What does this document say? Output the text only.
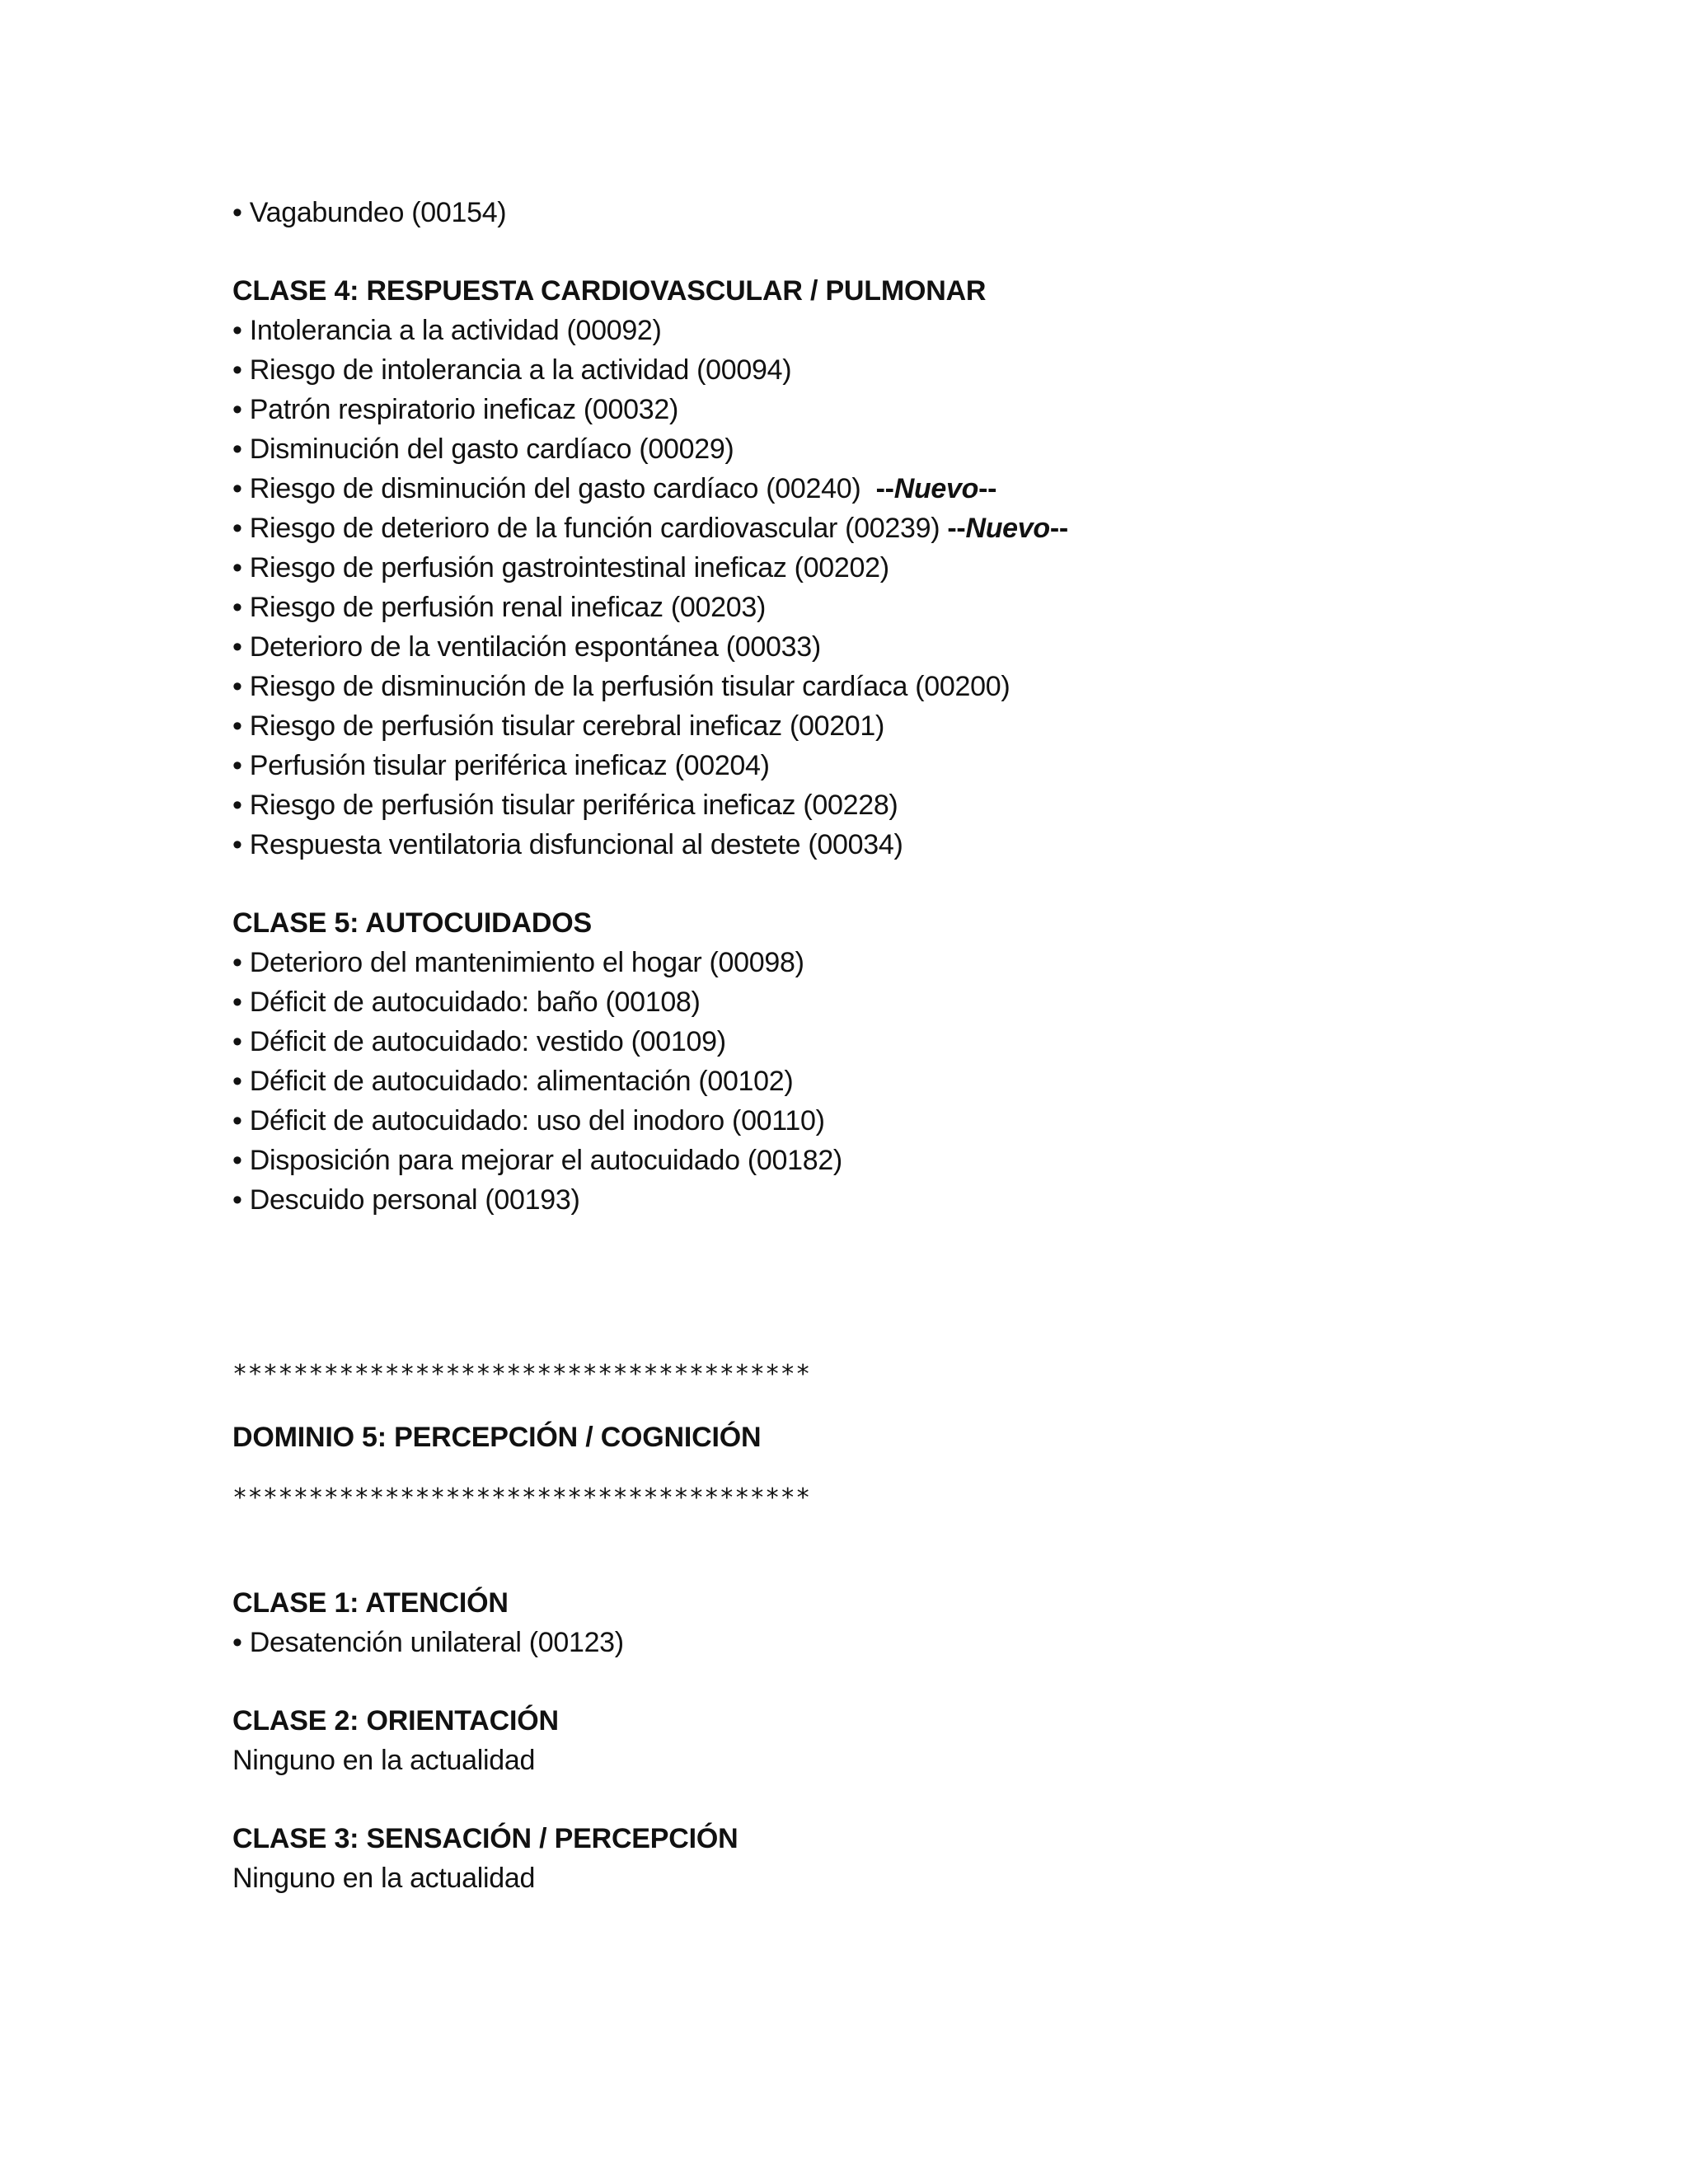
• Vagabundeo (00154)
CLASE 4: RESPUESTA CARDIOVASCULAR / PULMONAR
• Intolerancia a la actividad (00092)
• Riesgo de intolerancia a la actividad (00094)
• Patrón respiratorio ineficaz (00032)
• Disminución del gasto cardíaco (00029)
• Riesgo de disminución del gasto cardíaco (00240) --Nuevo--
• Riesgo de deterioro de la función cardiovascular (00239) --Nuevo--
• Riesgo de perfusión gastrointestinal ineficaz (00202)
• Riesgo de perfusión renal ineficaz (00203)
• Deterioro de la ventilación espontánea (00033)
• Riesgo de disminución de la perfusión tisular cardíaca (00200)
• Riesgo de perfusión tisular cerebral ineficaz (00201)
• Perfusión tisular periférica ineficaz (00204)
• Riesgo de perfusión tisular periférica ineficaz (00228)
• Respuesta ventilatoria disfuncional al destete (00034)
CLASE 5: AUTOCUIDADOS
• Deterioro del mantenimiento el hogar (00098)
• Déficit de autocuidado: baño (00108)
• Déficit de autocuidado: vestido (00109)
• Déficit de autocuidado: alimentación (00102)
• Déficit de autocuidado: uso del inodoro (00110)
• Disposición para mejorar el autocuidado (00182)
• Descuido personal (00193)
**************************************
DOMINIO 5: PERCEPCIÓN / COGNICIÓN
**************************************
CLASE 1: ATENCIÓN
• Desatención unilateral (00123)
CLASE 2: ORIENTACIÓN
Ninguno en la actualidad
CLASE 3: SENSACIÓN / PERCEPCIÓN
Ninguno en la actualidad
